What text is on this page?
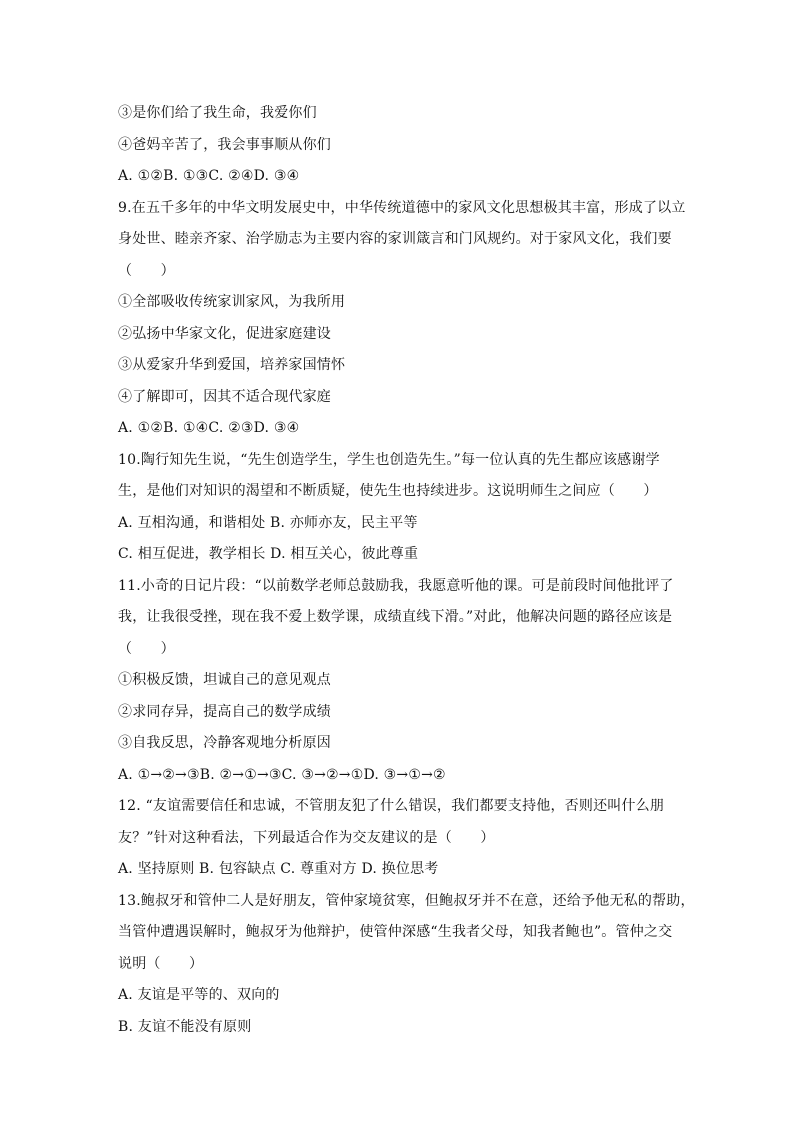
③是你们给了我生命，我爱你们
④爸妈辛苦了，我会事事顺从你们
A. ①②B. ①③C. ②④D. ③④
9.在五千多年的中华文明发展史中，中华传统道德中的家风文化思想极其丰富，形成了以立
身处世、睦亲齐家、治学励志为主要内容的家训箴言和门风规约。对于家风文化，我们要
（　　）
①全部吸收传统家训家风，为我所用
②弘扬中华家文化，促进家庭建设
③从爱家升华到爱国，培养家国情怀
④了解即可，因其不适合现代家庭
A. ①②B. ①④C. ②③D. ③④
10.陶行知先生说，“先生创造学生，学生也创造先生。”每一位认真的先生都应该感谢学
生，是他们对知识的渴望和不断质疑，使先生也持续进步。这说明师生之间应（　　）
A. 互相沟通，和谐相处 B. 亦师亦友，民主平等
C. 相互促进，教学相长 D. 相互关心，彼此尊重
11.小奇的日记片段：“以前数学老师总鼓励我，我愿意听他的课。可是前段时间他批评了
我，让我很受挫，现在我不爱上数学课，成绩直线下滑。”对此，他解决问题的路径应该是
（　　）
①积极反馈，坦诚自己的意见观点
②求同存异，提高自己的数学成绩
③自我反思，冷静客观地分析原因
A. ①→②→③B. ②→①→③C. ③→②→①D. ③→①→②
12. “友谊需要信任和忠诚，不管朋友犯了什么错误，我们都要支持他，否则还叫什么朋
友？”针对这种看法，下列最适合作为交友建议的是（　　）
A. 坚持原则 B. 包容缺点 C. 尊重对方 D. 换位思考
13.鲍叔牙和管仲二人是好朋友，管仲家境贫寒，但鲍叔牙并不在意，还给予他无私的帮助，
当管仲遭遇误解时，鲍叔牙为他辩护，使管仲深感“生我者父母，知我者鲍也”。管仲之交
说明（　　）
A. 友谊是平等的、双向的
B. 友谊不能没有原则
